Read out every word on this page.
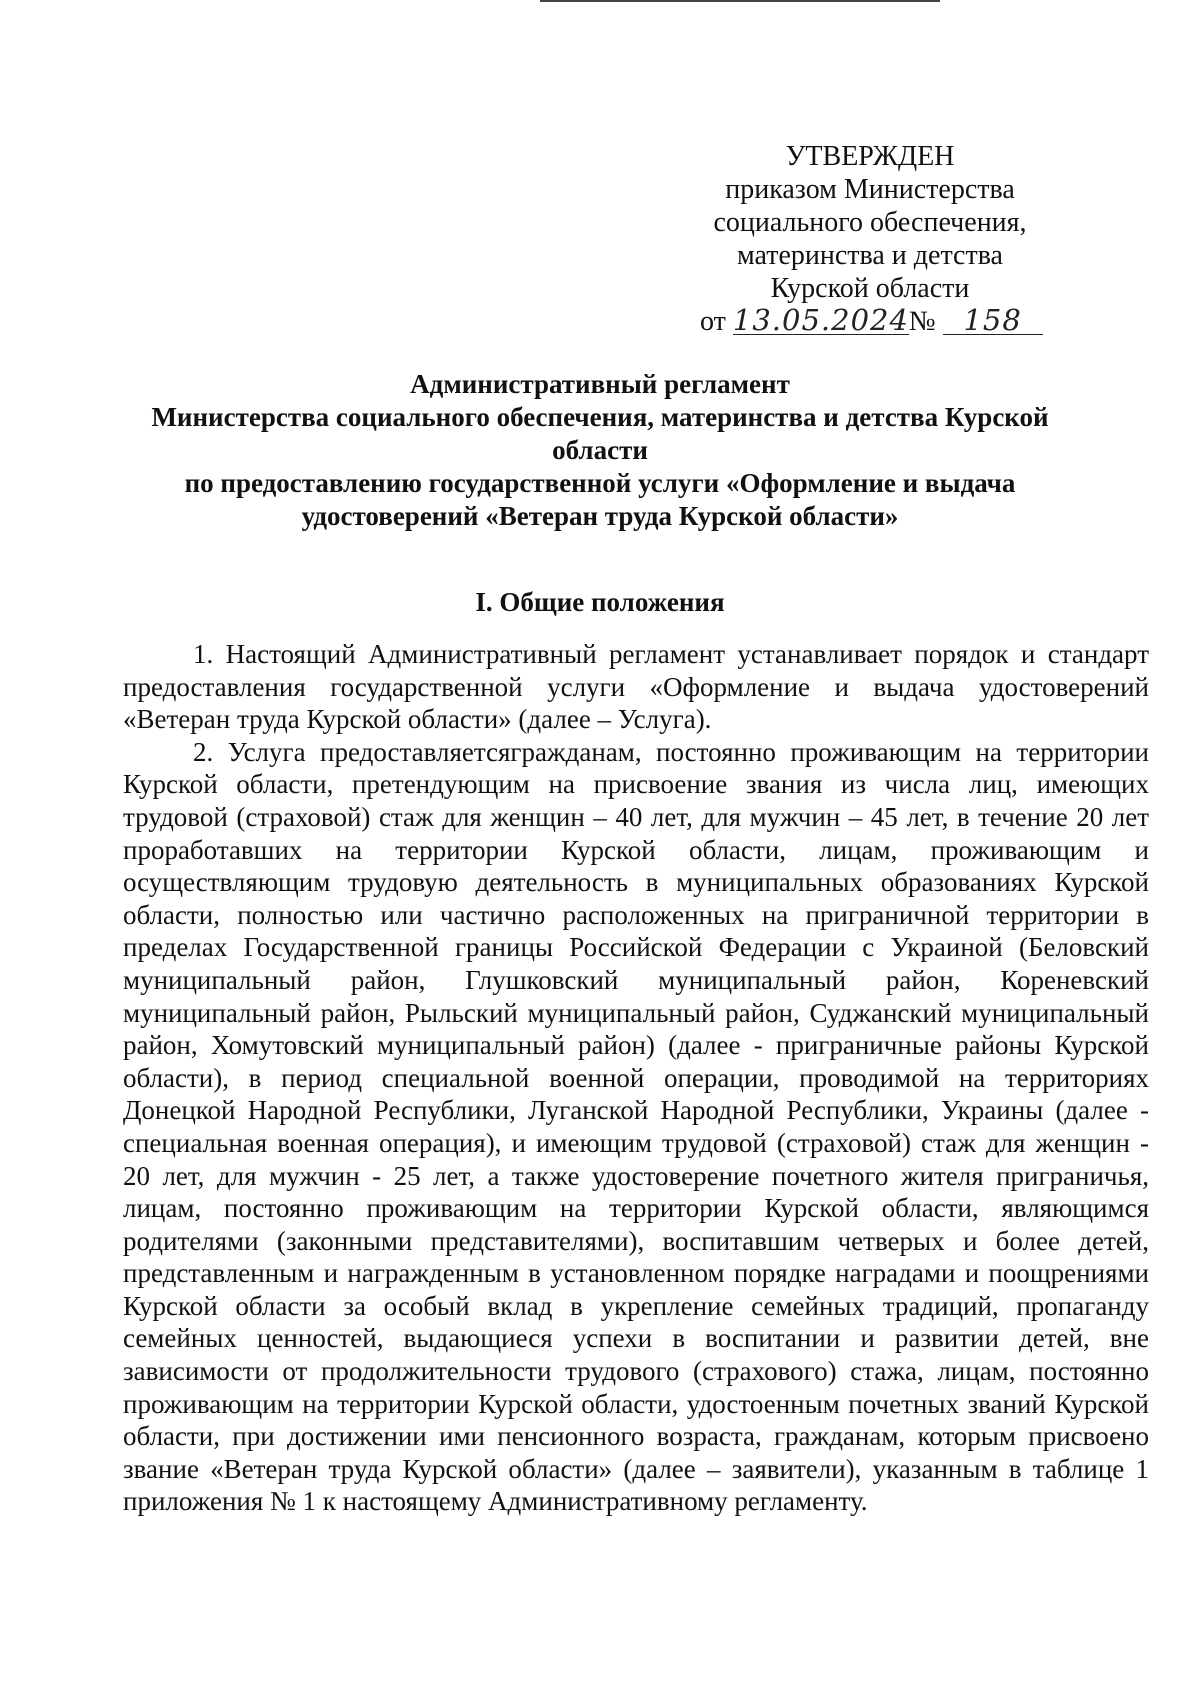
УТВЕРЖДЕН
приказом Министерства
социального обеспечения,
материнства и детства
Курской области
от 13.05.2024№ 158
Административный регламент
Министерства социального обеспечения, материнства и детства Курской
области
по предоставлению государственной услуги «Оформление и выдача
удостоверений «Ветеран труда Курской области»
I. Общие положения

1. Настоящий Административный регламент устанавливает порядок и стандарт предоставления государственной услуги «Оформление и выдача удостоверений «Ветеран труда Курской области» (далее – Услуга).

2. Услуга предоставляетсягражданам, постоянно проживающим на территории Курской области, претендующим на присвоение звания из числа лиц, имеющих трудовой (страховой) стаж для женщин – 40 лет, для мужчин – 45 лет, в течение 20 лет проработавших на территории Курской области, лицам, проживающим и осуществляющим трудовую деятельность в муниципальных образованиях Курской области, полностью или частично расположенных на приграничной территории в пределах Государственной границы Российской Федерации с Украиной (Беловский муниципальный район, Глушковский муниципальный район, Кореневский муниципальный район, Рыльский муниципальный район, Суджанский муниципальный район, Хомутовский муниципальный район) (далее - приграничные районы Курской области), в период специальной военной операции, проводимой на территориях Донецкой Народной Республики, Луганской Народной Республики, Украины (далее - специальная военная операция), и имеющим трудовой (страховой) стаж для женщин - 20 лет, для мужчин - 25 лет, а также удостоверение почетного жителя приграничья, лицам, постоянно проживающим на территории Курской области, являющимся родителями (законными представителями), воспитавшим четверых и более детей, представленным и награжденным в установленном порядке наградами и поощрениями Курской области за особый вклад в укрепление семейных традиций, пропаганду семейных ценностей, выдающиеся успехи в воспитании и развитии детей, вне зависимости от продолжительности трудового (страхового) стажа, лицам, постоянно проживающим на территории Курской области, удостоенным почетных званий Курской области, при достижении ими пенсионного возраста, гражданам, которым присвоено звание «Ветеран труда Курской области» (далее – заявители), указанным в таблице 1 приложения № 1 к настоящему Административному регламенту.
